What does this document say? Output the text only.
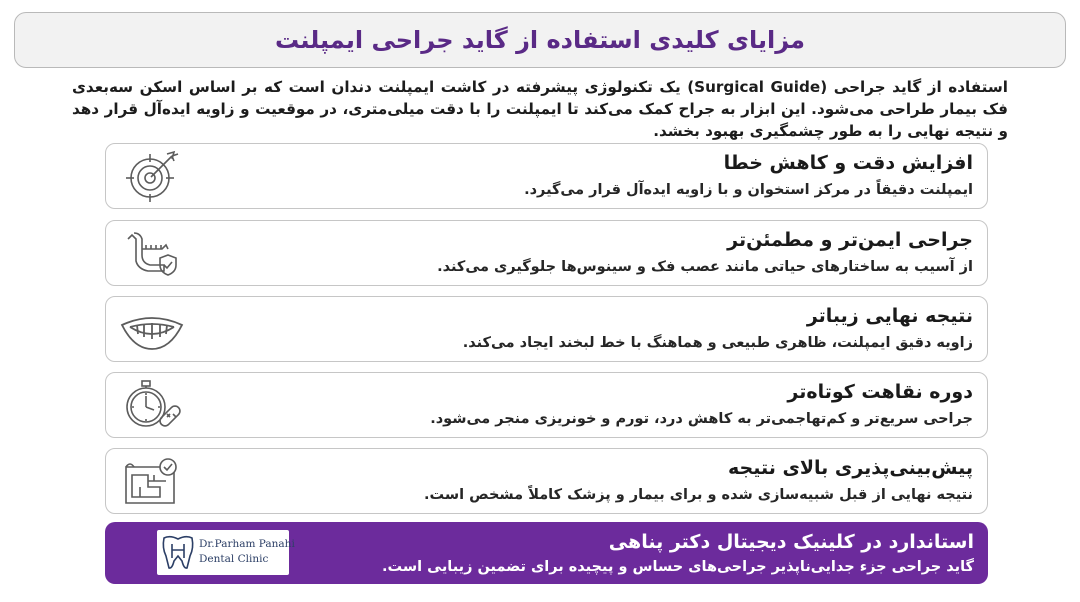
مزایای کلیدی استفاده از گاید جراحی ایمپلنت

استفاده از گاید جراحی (Surgical Guide) یک تکنولوژی پیشرفته در کاشت ایمپلنت دندان است که بر اساس اسکن سه‌بعدی فک بیمار طراحی می‌شود. این ابزار به جراح کمک می‌کند تا ایمپلنت را با دقت میلی‌متری، در موقعیت و زاویه ایده‌آل قرار دهد و نتیجه نهایی را به طور چشمگیری بهبود بخشد.

افزایش دقت و کاهش خطا
ایمپلنت دقیقاً در مرکز استخوان و با زاویه ایده‌آل قرار می‌گیرد.
جراحی ایمن‌تر و مطمئن‌تر
از آسیب به ساختارهای حیاتی مانند عصب فک و سینوس‌ها جلوگیری می‌کند.
نتیجه نهایی زیباتر
زاویه دقیق ایمپلنت، ظاهری طبیعی و هماهنگ با خط لبخند ایجاد می‌کند.
دوره نقاهت کوتاه‌تر
جراحی سریع‌تر و کم‌تهاجمی‌تر به کاهش درد، تورم و خونریزی منجر می‌شود.
پیش‌بینی‌پذیری بالای نتیجه
نتیجه نهایی از قبل شبیه‌سازی شده و برای بیمار و پزشک کاملاً مشخص است.
Dr.Parham Panahi
Dental Clinic
استاندارد در کلینیک دیجیتال دکتر پناهی
گاید جراحی جزء جدایی‌ناپذیر جراحی‌های حساس و پیچیده برای تضمین زیبایی است.
